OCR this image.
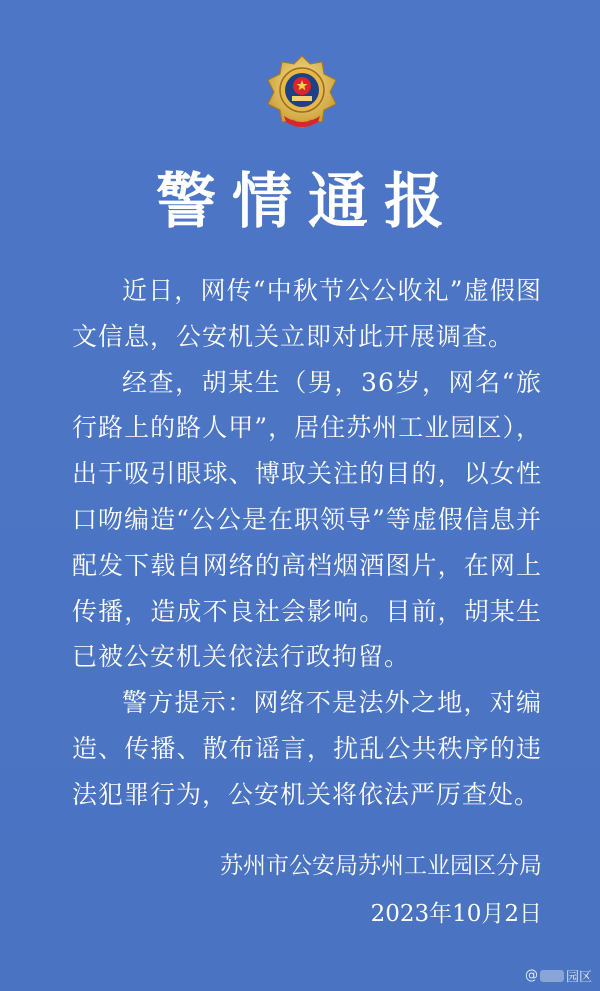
警情通报

近日，网传“中秋节公公收礼”虚假图文信息，公安机关立即对此开展调查。

经查，胡某生（男，36岁，网名“旅行路上的路人甲”，居住苏州工业园区），出于吸引眼球、博取关注的目的，以女性口吻编造“公公是在职领导”等虚假信息并配发下载自网络的高档烟酒图片，在网上传播，造成不良社会影响。目前，胡某生已被公安机关依法行政拘留。

警方提示：网络不是法外之地，对编造、传播、散布谣言，扰乱公共秩序的违法犯罪行为，公安机关将依法严厉查处。

苏州市公安局苏州工业园区分局
2023年10月2日
@ 园区
